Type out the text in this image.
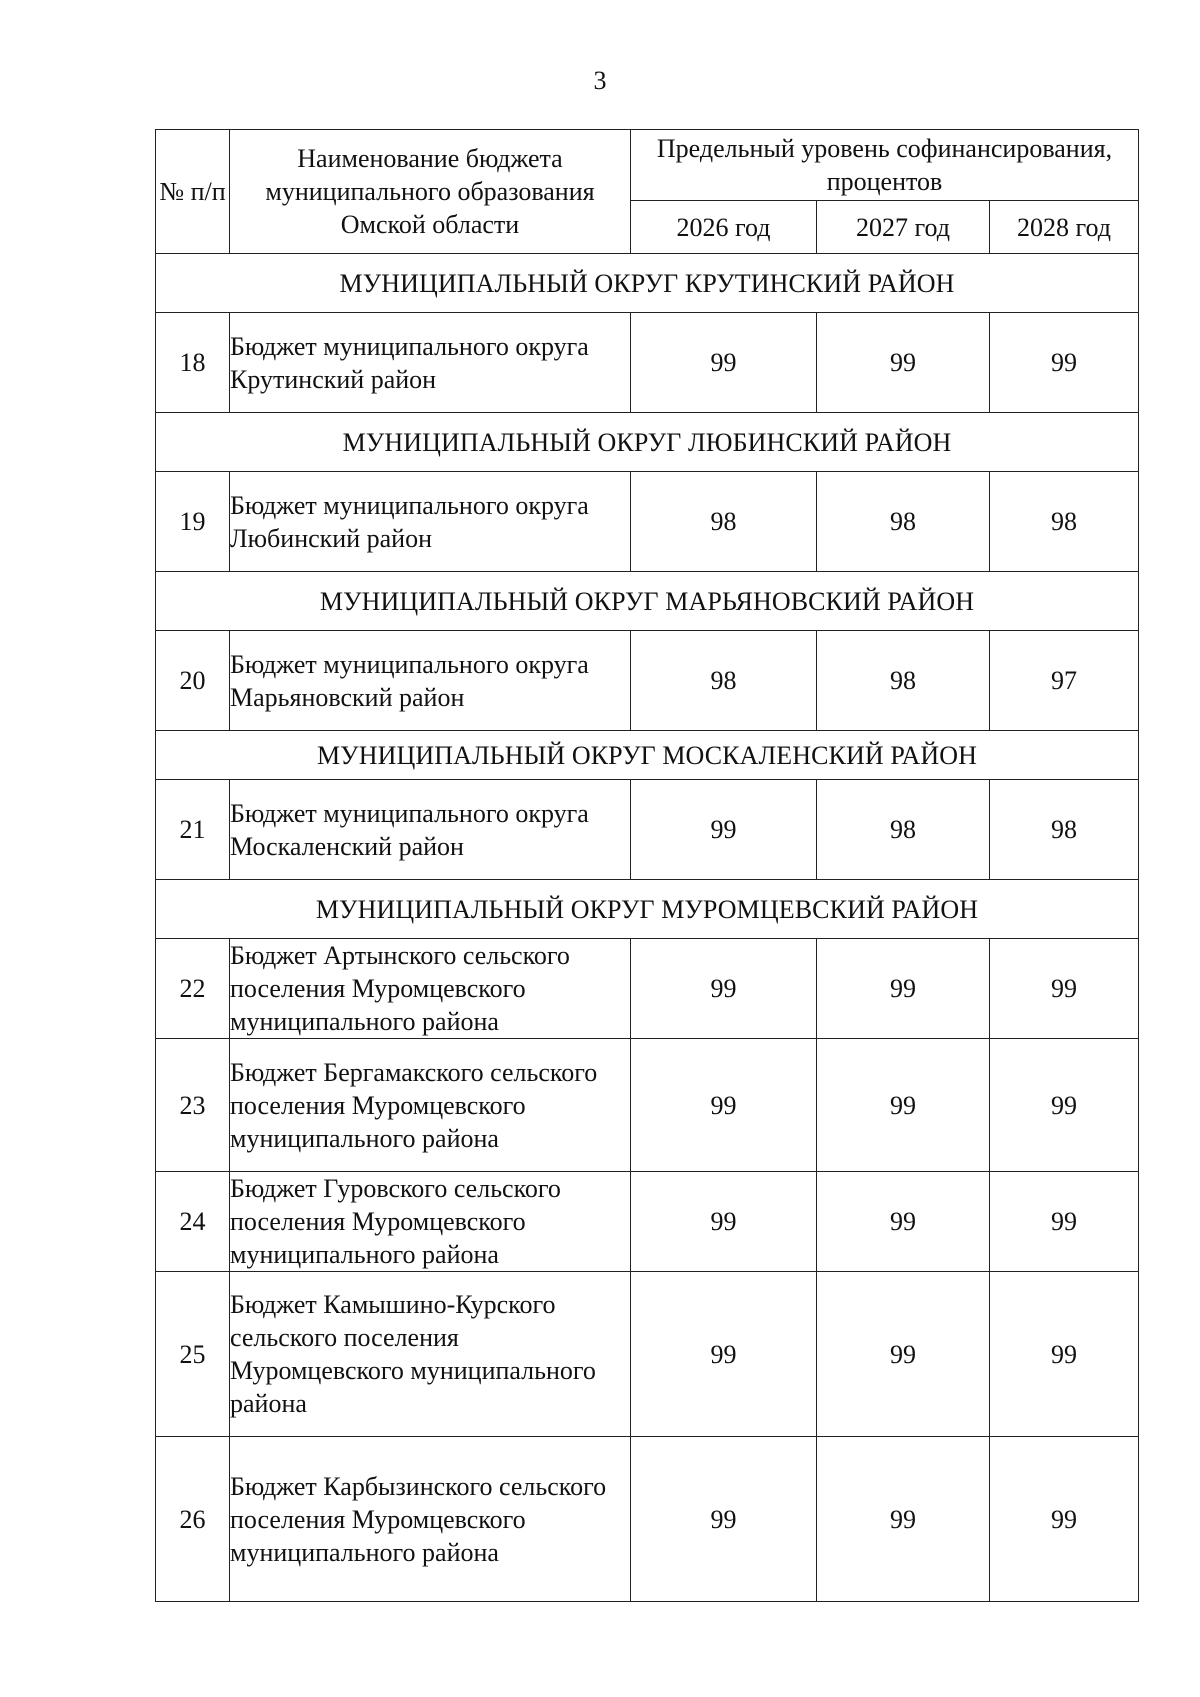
3
№ п/п	Наименование бюджета муниципального образования Омской области	Предельный уровень софинансирования, процентов		
		2026 год	2027 год	2028 год
МУНИЦИПАЛЬНЫЙ ОКРУГ КРУТИНСКИЙ РАЙОН				
18	Бюджет муниципального округа Крутинский район	99	99	99
МУНИЦИПАЛЬНЫЙ ОКРУГ ЛЮБИНСКИЙ РАЙОН				
19	Бюджет муниципального округа Любинский район	98	98	98
МУНИЦИПАЛЬНЫЙ ОКРУГ МАРЬЯНОВСКИЙ РАЙОН				
20	Бюджет муниципального округа Марьяновский район	98	98	97
МУНИЦИПАЛЬНЫЙ ОКРУГ МОСКАЛЕНСКИЙ РАЙОН				
21	Бюджет муниципального округа Москаленский район	99	98	98
МУНИЦИПАЛЬНЫЙ ОКРУГ МУРОМЦЕВСКИЙ РАЙОН				
22	Бюджет Артынского сельского поселения Муромцевского муниципального района	99	99	99
23	Бюджет Бергамакского сельского поселения Муромцевского муниципального района	99	99	99
24	Бюджет Гуровского сельского поселения Муромцевского муниципального района	99	99	99
25	Бюджет Камышино-Курского сельского поселения Муромцевского муниципального района	99	99	99
26	Бюджет Карбызинского сельского поселения Муромцевского муниципального района	99	99	99
